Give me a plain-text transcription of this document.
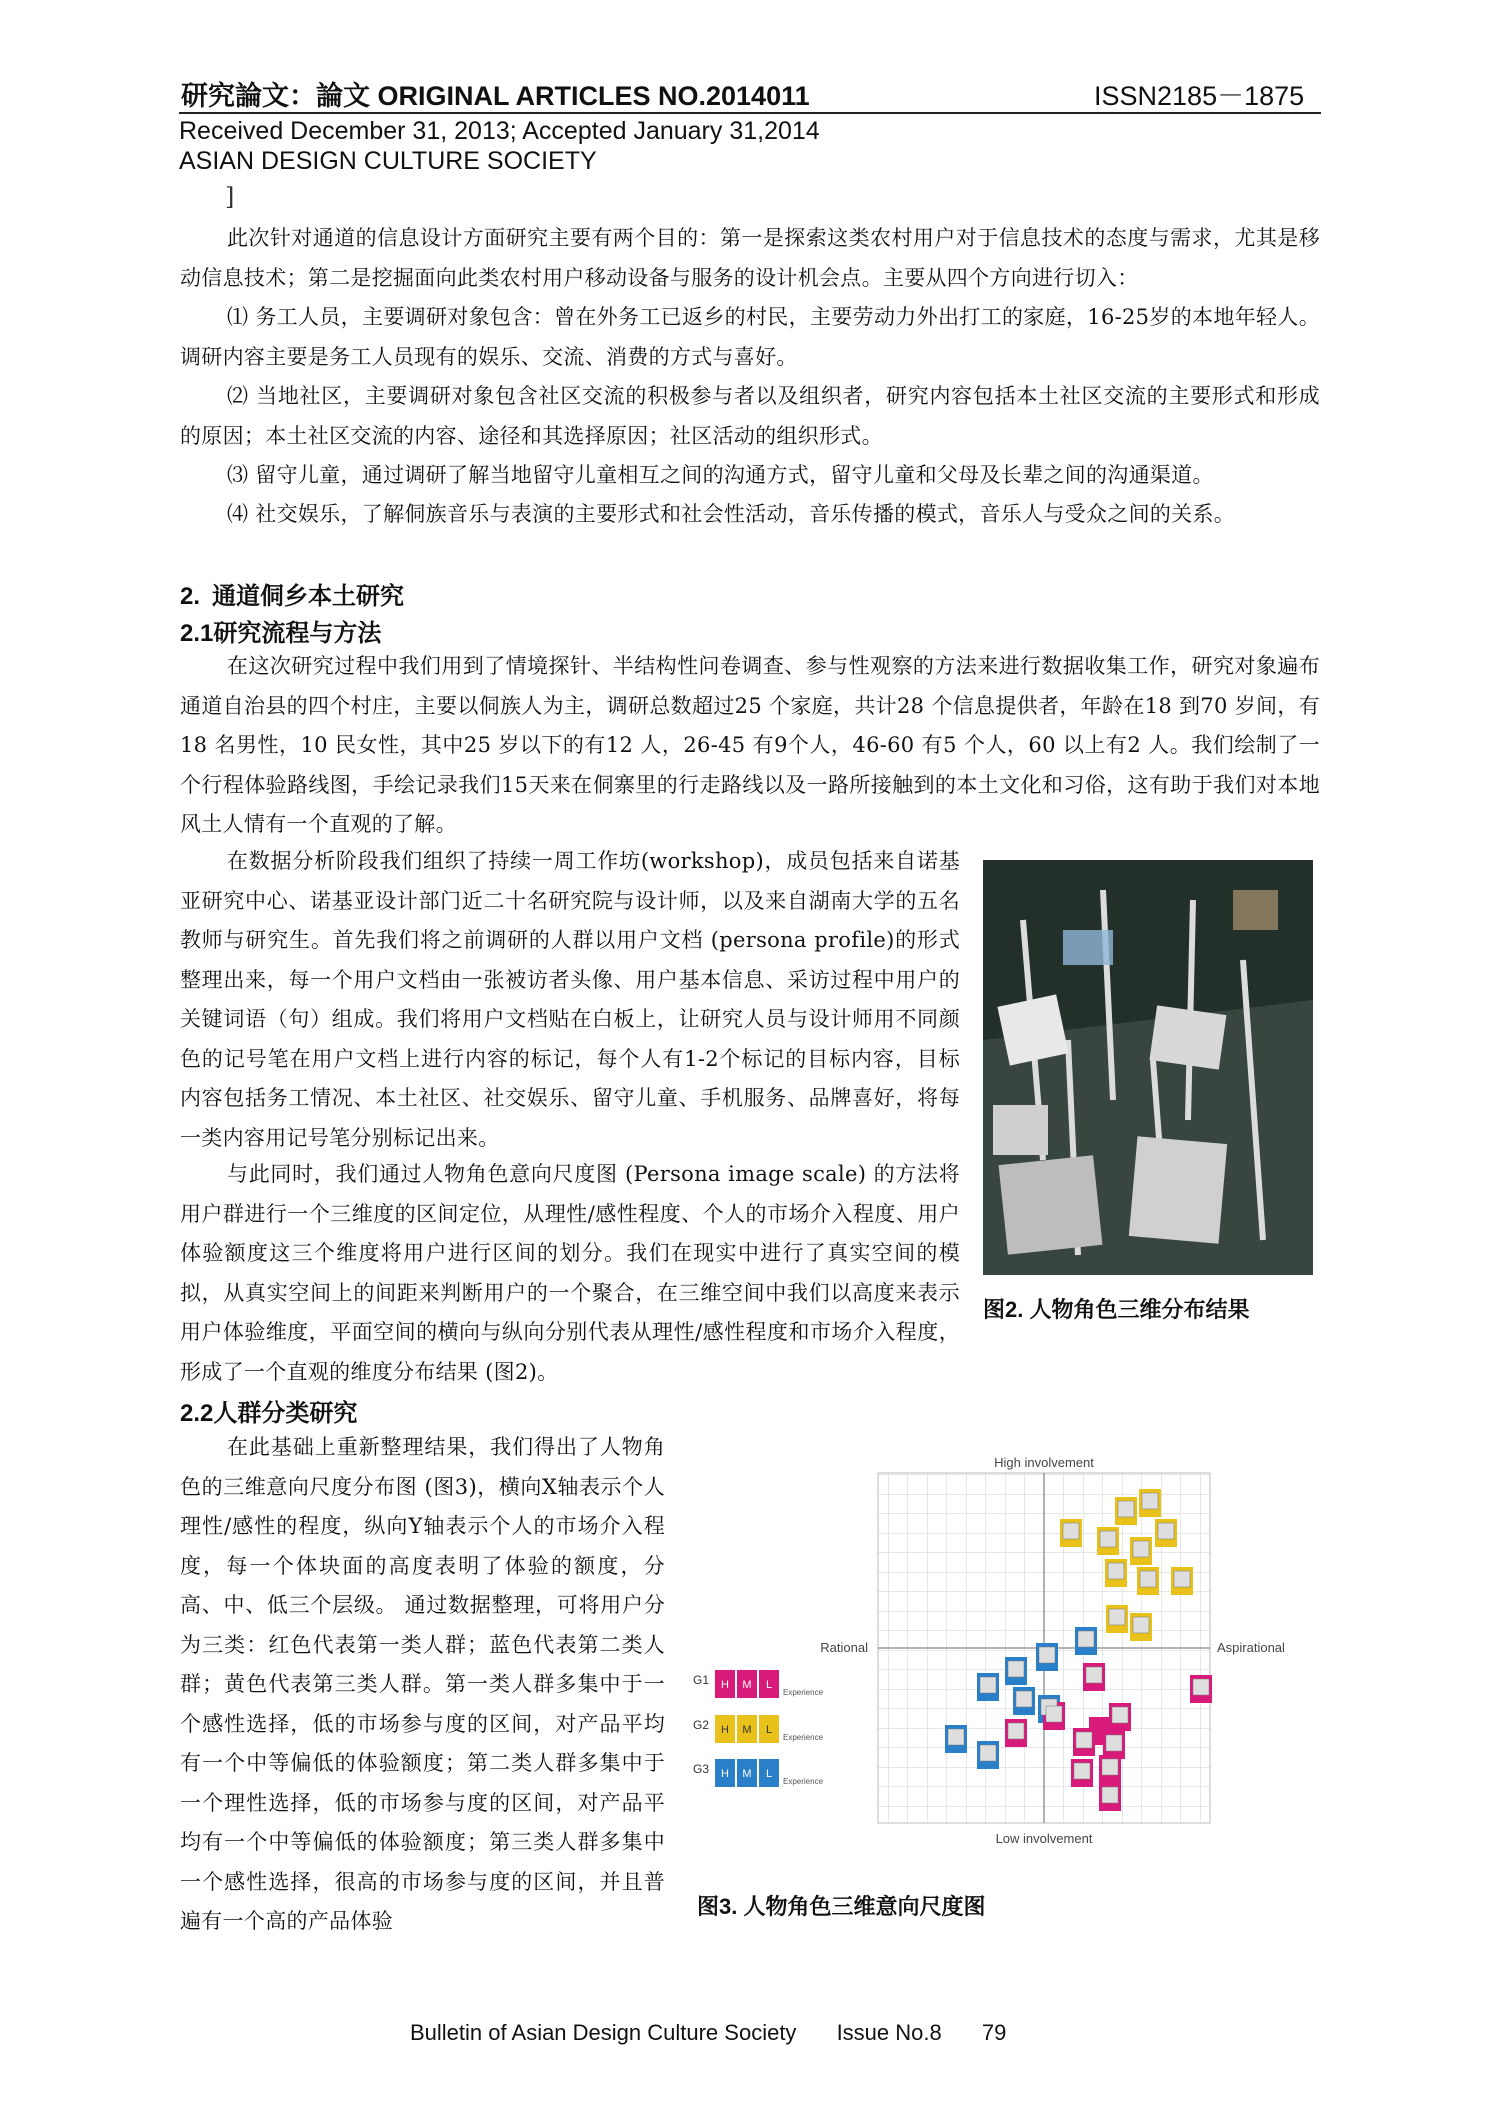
研究論文：論文 ORIGINAL ARTICLES NO.2014011	ISSN2185－1875
Received December 31, 2013; Accepted January 31,2014
ASIAN DESIGN CULTURE SOCIETY
]
此次针对通道的信息设计方面研究主要有两个目的：第一是探索这类农村用户对于信息技术的态度与需求，尤其是移动信息技术；第二是挖掘面向此类农村用户移动设备与服务的设计机会点。主要从四个方向进行切入：
⑴ 务工人员，主要调研对象包含：曾在外务工已返乡的村民，主要劳动力外出打工的家庭，16-25岁的本地年轻人。调研内容主要是务工人员现有的娱乐、交流、消费的方式与喜好。
⑵ 当地社区，主要调研对象包含社区交流的积极参与者以及组织者，研究内容包括本土社区交流的主要形式和形成的原因；本土社区交流的内容、途径和其选择原因；社区活动的组织形式。
⑶ 留守儿童，通过调研了解当地留守儿童相互之间的沟通方式，留守儿童和父母及长辈之间的沟通渠道。
⑷ 社交娱乐，了解侗族音乐与表演的主要形式和社会性活动，音乐传播的模式，音乐人与受众之间的关系。
2. 通道侗乡本土研究
2.1研究流程与方法
在这次研究过程中我们用到了情境探针、半结构性问卷调查、参与性观察的方法来进行数据收集工作，研究对象遍布通道自治县的四个村庄，主要以侗族人为主，调研总数超过25 个家庭，共计28 个信息提供者，年龄在18 到70 岁间，有18 名男性，10 民女性，其中25 岁以下的有12 人，26-45 有9个人，46-60 有5 个人，60 以上有2 人。我们绘制了一个行程体验路线图，手绘记录我们15天来在侗寨里的行走路线以及一路所接触到的本土文化和习俗，这有助于我们对本地风土人情有一个直观的了解。
在数据分析阶段我们组织了持续一周工作坊(workshop)，成员包括来自诺基亚研究中心、诺基亚设计部门近二十名研究院与设计师，以及来自湖南大学的五名教师与研究生。首先我们将之前调研的人群以用户文档 (persona profile)的形式整理出来，每一个用户文档由一张被访者头像、用户基本信息、采访过程中用户的关键词语（句）组成。我们将用户文档贴在白板上，让研究人员与设计师用不同颜色的记号笔在用户文档上进行内容的标记，每个人有1-2个标记的目标内容，目标内容包括务工情况、本土社区、社交娱乐、留守儿童、手机服务、品牌喜好，将每一类内容用记号笔分别标记出来。
与此同时，我们通过人物角色意向尺度图 (Persona image scale) 的方法将用户群进行一个三维度的区间定位，从理性/感性程度、个人的市场介入程度、用户体验额度这三个维度将用户进行区间的划分。我们在现实中进行了真实空间的模拟，从真实空间上的间距来判断用户的一个聚合，在三维空间中我们以高度来表示用户体验维度，平面空间的横向与纵向分别代表从理性/感性程度和市场介入程度，形成了一个直观的维度分布结果 (图2)。
图2. 人物角色三维分布结果
2.2人群分类研究
在此基础上重新整理结果，我们得出了人物角色的三维意向尺度分布图 (图3)，横向X轴表示个人理性/感性的程度，纵向Y轴表示个人的市场介入程度，每一个体块面的高度表明了体验的额度，分高、中、低三个层级。 通过数据整理，可将用户分为三类：红色代表第一类人群；蓝色代表第二类人群；黄色代表第三类人群。第一类人群多集中于一个感性选择，低的市场参与度的区间，对产品平均有一个中等偏低的体验额度；第二类人群多集中于一个理性选择，低的市场参与度的区间，对产品平均有一个中等偏低的体验额度；第三类人群多集中一个感性选择，很高的市场参与度的区间，并且普遍有一个高的产品体验
High involvement
Low involvement
Rational	Aspirational
G1 H M L
Experience
G2 H M L
Experience
G3 H M L
Experience
图3. 人物角色三维意向尺度图
Bulletin of Asian Design Culture Society Issue No.8 79
